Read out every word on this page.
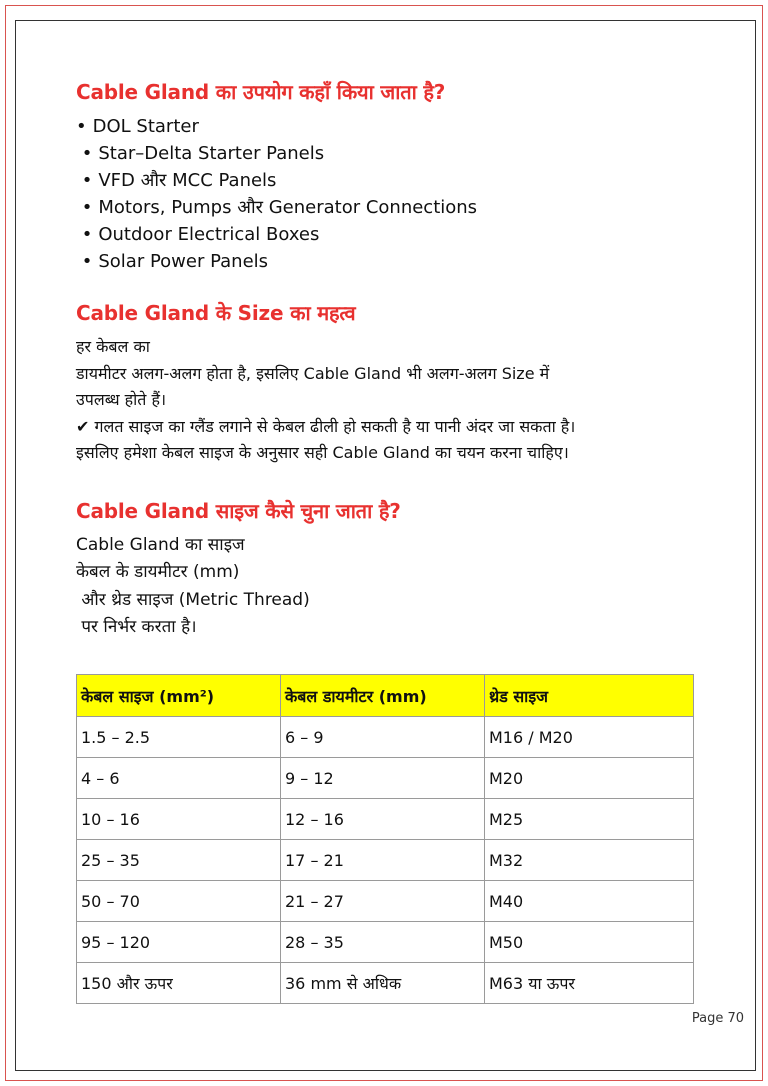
Cable Gland का उपयोग कहाँ किया जाता है?
• DOL Starter
• Star–Delta Starter Panels
• VFD और MCC Panels
• Motors, Pumps और Generator Connections
• Outdoor Electrical Boxes
• Solar Power Panels
Cable Gland के Size का महत्व
हर केबल का
डायमीटर अलग-अलग होता है, इसलिए Cable Gland भी अलग-अलग Size में
उपलब्ध होते हैं।
✔ गलत साइज का ग्लैंड लगाने से केबल ढीली हो सकती है या पानी अंदर जा सकता है।
इसलिए हमेशा केबल साइज के अनुसार सही Cable Gland का चयन करना चाहिए।
Cable Gland साइज कैसे चुना जाता है?
Cable Gland का साइज
केबल के डायमीटर (mm)
और थ्रेड साइज (Metric Thread)
पर निर्भर करता है।
केबल साइज (mm²)	केबल डायमीटर (mm)	थ्रेड साइज
1.5 – 2.5	6 – 9	M16 / M20
4 – 6	9 – 12	M20
10 – 16	12 – 16	M25
25 – 35	17 – 21	M32
50 – 70	21 – 27	M40
95 – 120	28 – 35	M50
150 और ऊपर	36 mm से अधिक	M63 या ऊपर
Page 70
